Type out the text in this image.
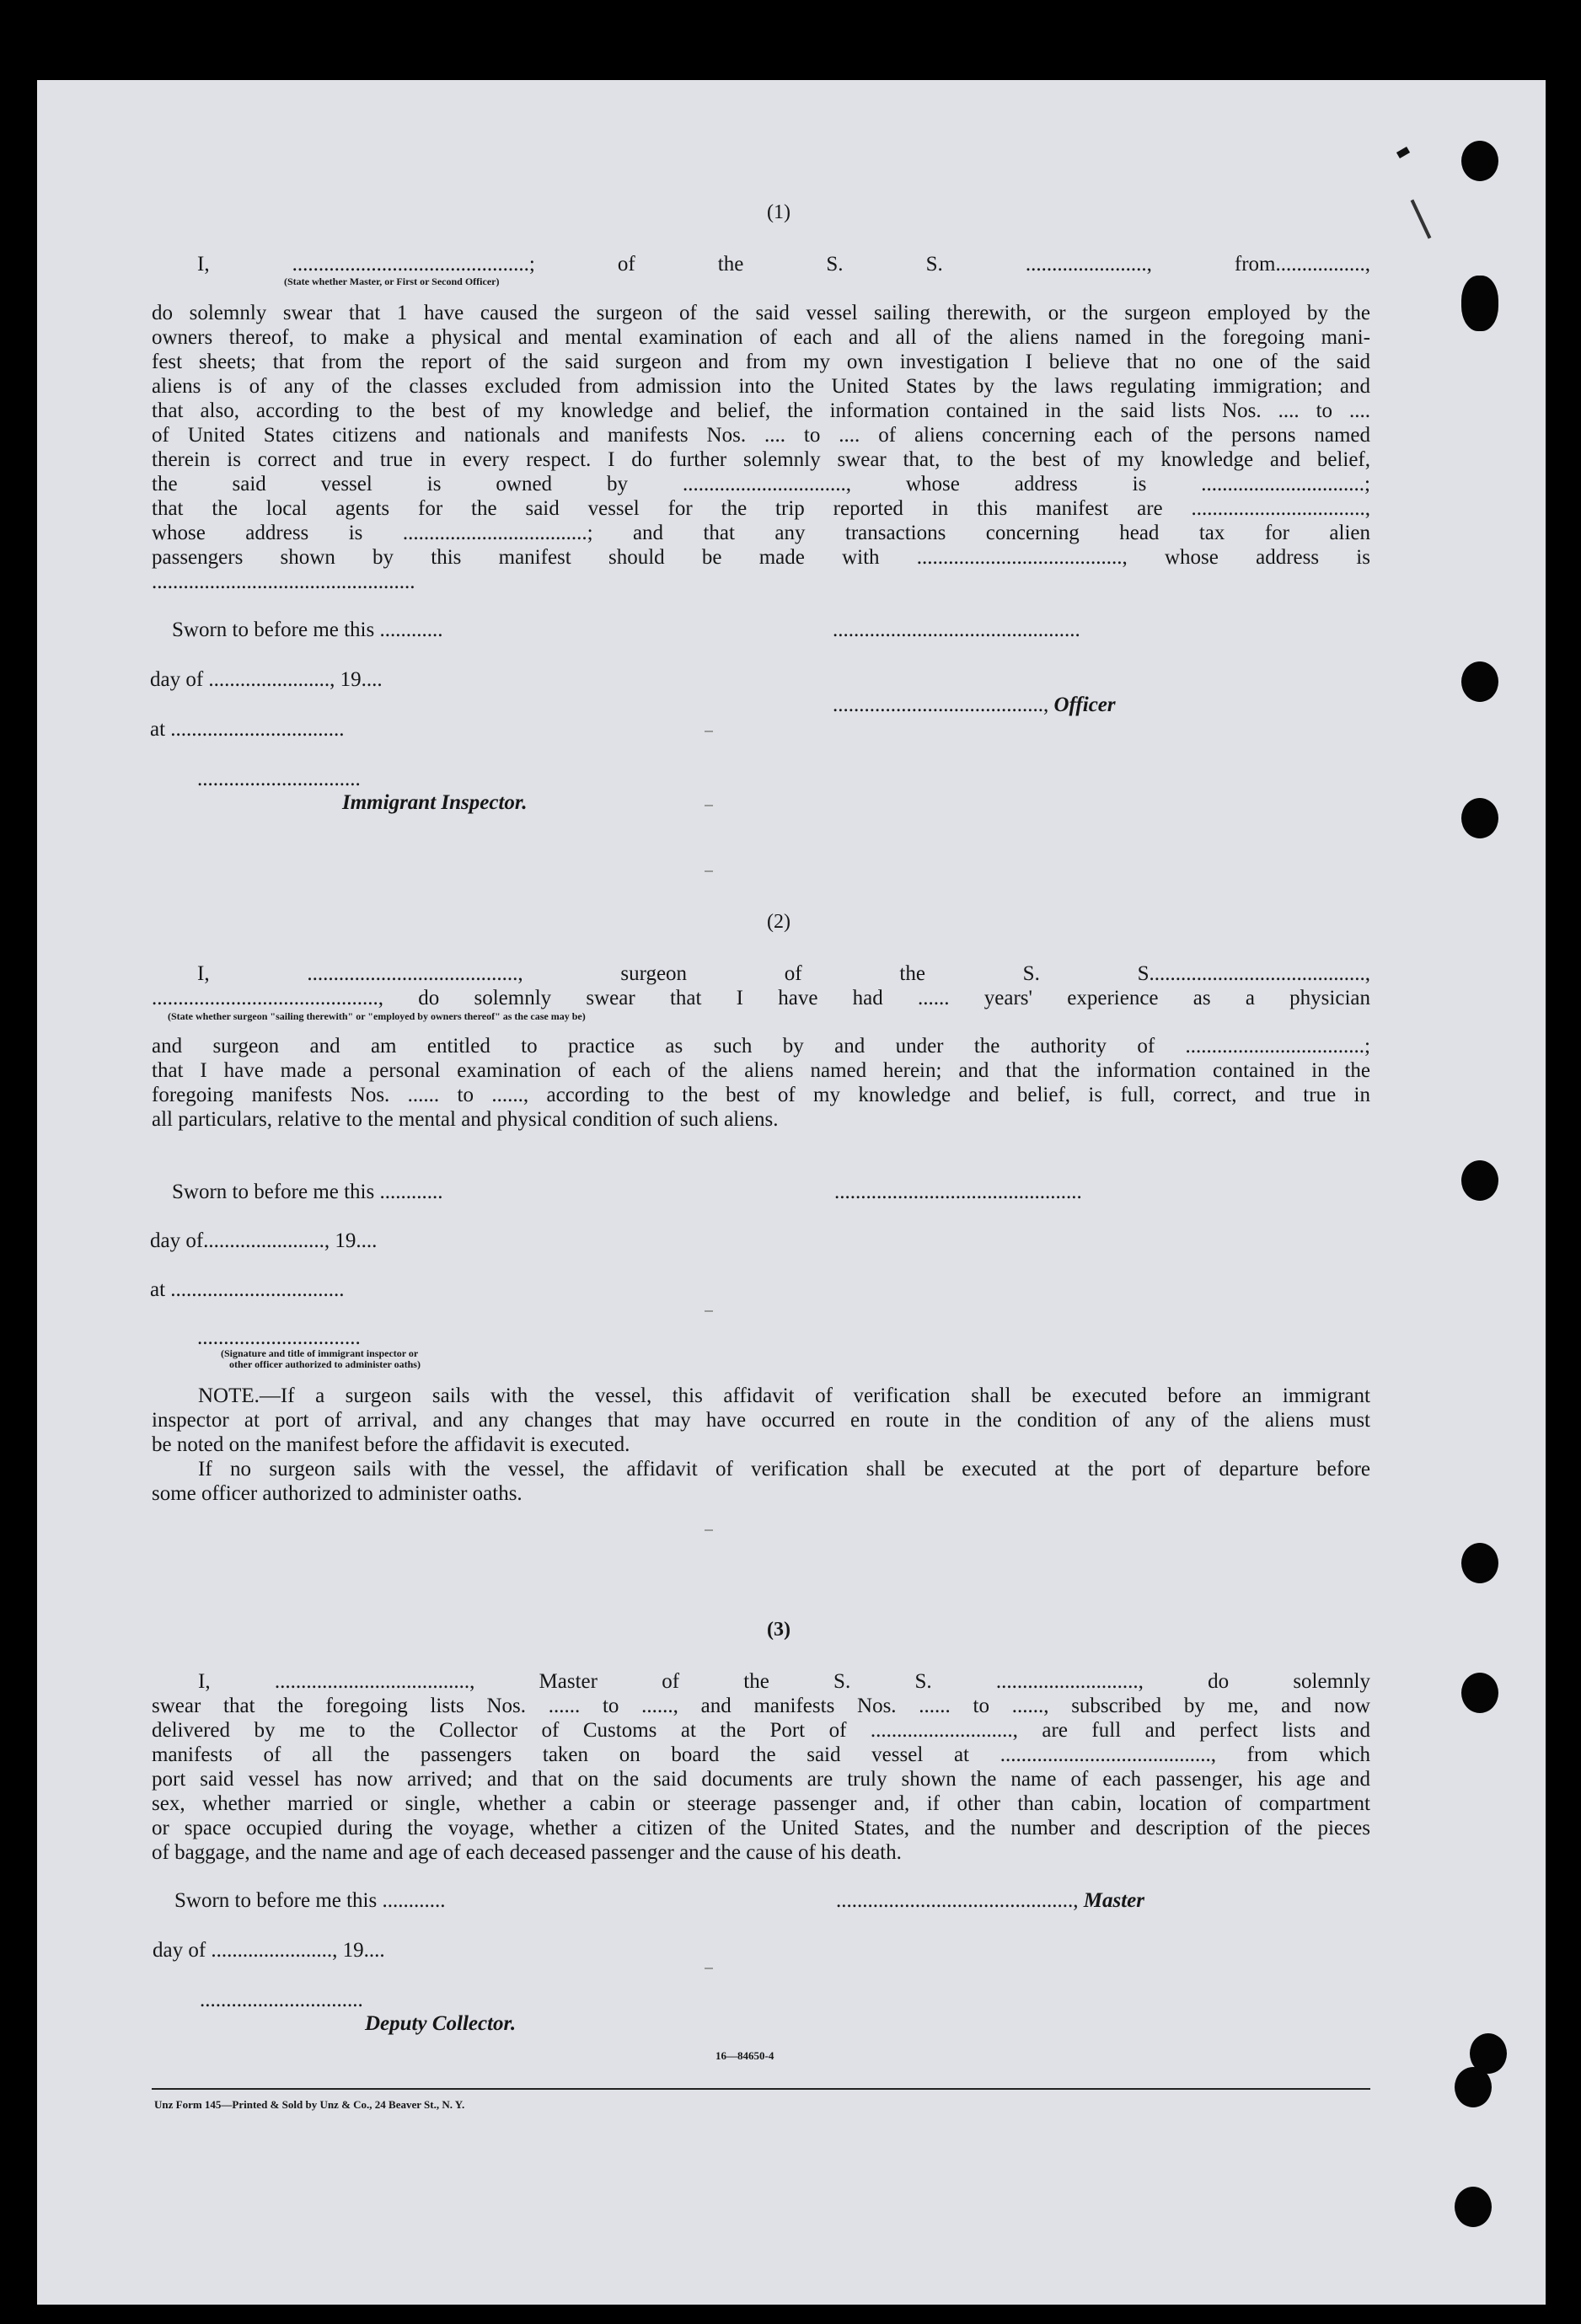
(1)
I, .............................................; of the S. S. ......................., from.................,
(State whether Master, or First or Second Officer)
do solemnly swear that 1 have caused the surgeon of the said vessel sailing therewith, or the surgeon employed by the
owners thereof, to make a physical and mental examination of each and all of the aliens named in the foregoing mani-
fest sheets; that from the report of the said surgeon and from my own investigation I believe that no one of the said
aliens is of any of the classes excluded from admission into the United States by the laws regulating immigration; and
that also, according to the best of my knowledge and belief, the information contained in the said lists Nos. .... to ....
of United States citizens and nationals and manifests Nos. .... to .... of aliens concerning each of the persons named
therein is correct and true in every respect. I do further solemnly swear that, to the best of my knowledge and belief,
the said vessel is owned by ..............................., whose address is ...............................;
that the local agents for the said vessel for the trip reported in this manifest are .................................,
whose address is ...................................; and that any transactions concerning head tax for alien
passengers shown by this manifest should be made with ......................................., whose address is
..................................................
Sworn to before me this ............
day of ......................., 19....
at .................................
...............................
Immigrant Inspector.
...............................................
........................................, Officer
(2)
I, ........................................, surgeon of the S. S.........................................,
..........................................., do solemnly swear that I have had ...... years' experience as a physician
(State whether surgeon "sailing therewith" or "employed by owners thereof" as the case may be)
and surgeon and am entitled to practice as such by and under the authority of ..................................;
that I have made a personal examination of each of the aliens named herein; and that the information contained in the
foregoing manifests Nos. ...... to ......, according to the best of my knowledge and belief, is full, correct, and true in
all particulars, relative to the mental and physical condition of such aliens.
Sworn to before me this ............
day of......................., 19....
at .................................
...............................
(Signature and title of immigrant inspector or
other officer authorized to administer oaths)
...............................................
NOTE.—If a surgeon sails with the vessel, this affidavit of verification shall be executed before an immigrant
inspector at port of arrival, and any changes that may have occurred en route in the condition of any of the aliens must
be noted on the manifest before the affidavit is executed.
If no surgeon sails with the vessel, the affidavit of verification shall be executed at the port of departure before
some officer authorized to administer oaths.
(3)
I, ....................................., Master of the S. S. ..........................., do solemnly
swear that the foregoing lists Nos. ...... to ......, and manifests Nos. ...... to ......, subscribed by me, and now
delivered by me to the Collector of Customs at the Port of ..........................., are full and perfect lists and
manifests of all the passengers taken on board the said vessel at ........................................, from which
port said vessel has now arrived; and that on the said documents are truly shown the name of each passenger, his age and
sex, whether married or single, whether a cabin or steerage passenger and, if other than cabin, location of compartment
or space occupied during the voyage, whether a citizen of the United States, and the number and description of the pieces
of baggage, and the name and age of each deceased passenger and the cause of his death.
Sworn to before me this ............
day of ......................., 19....
...............................
Deputy Collector.
............................................., Master
16—84650-4
Unz Form 145—Printed & Sold by Unz & Co., 24 Beaver St., N. Y.
